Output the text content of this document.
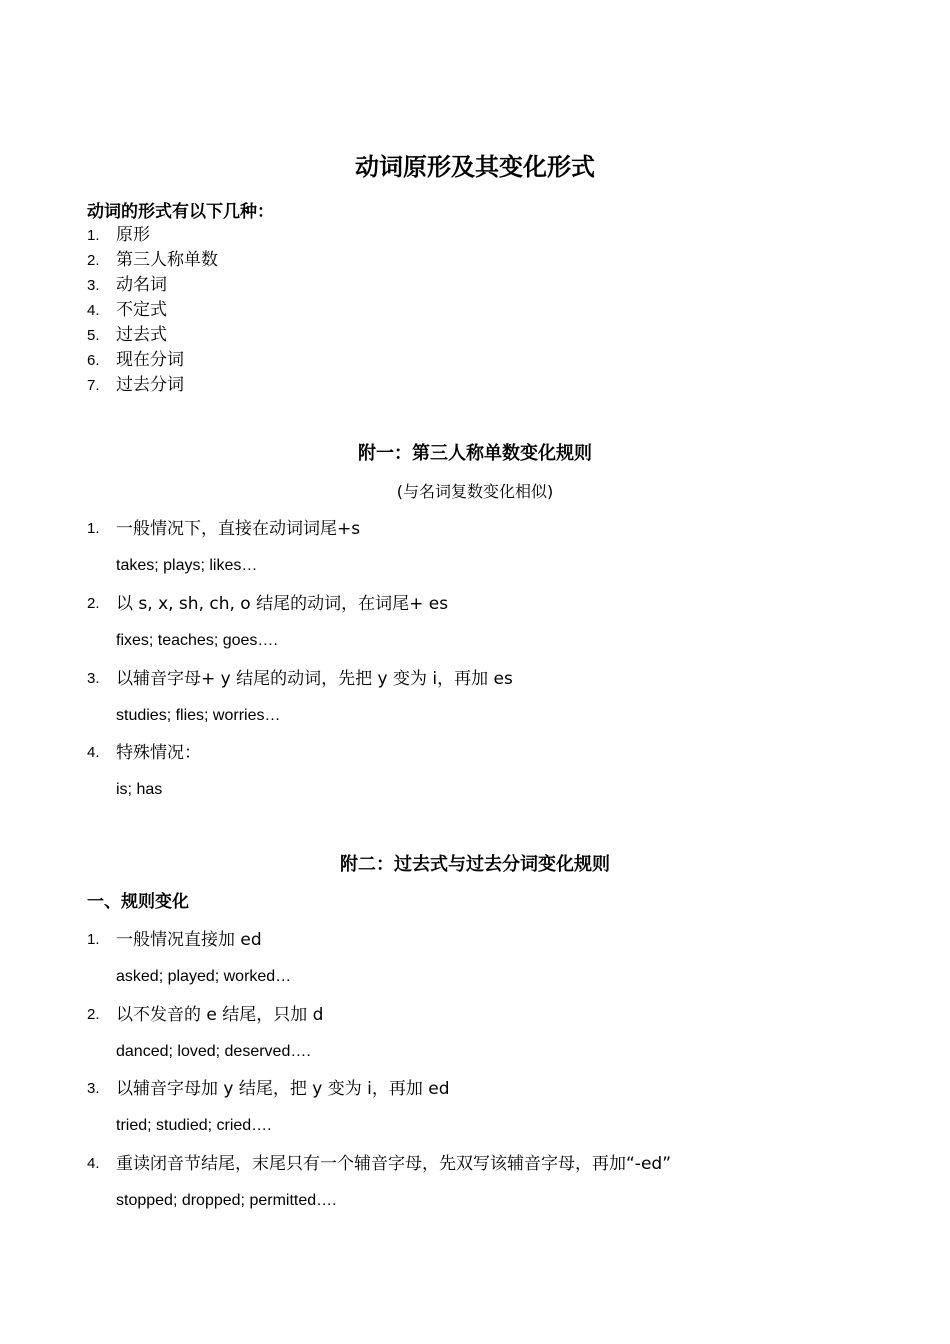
动词原形及其变化形式
动词的形式有以下几种：
1. 原形
2. 第三人称单数
3. 动名词
4. 不定式
5. 过去式
6. 现在分词
7. 过去分词
附一：第三人称单数变化规则
(与名词复数变化相似)
1. 一般情况下，直接在动词词尾+s
takes; plays; likes…
2. 以 s, x, sh, ch, o 结尾的动词，在词尾+ es
fixes; teaches; goes….
3. 以辅音字母+ y 结尾的动词，先把 y 变为 i，再加 es
studies; flies; worries…
4. 特殊情况：
is; has
附二：过去式与过去分词变化规则
一、规则变化
1. 一般情况直接加 ed
asked; played; worked…
2. 以不发音的 e 结尾，只加 d
danced; loved; deserved….
3. 以辅音字母加 y 结尾，把 y 变为 i，再加 ed
tried; studied; cried….
4. 重读闭音节结尾，末尾只有一个辅音字母，先双写该辅音字母，再加“-ed”
stopped; dropped; permitted….
